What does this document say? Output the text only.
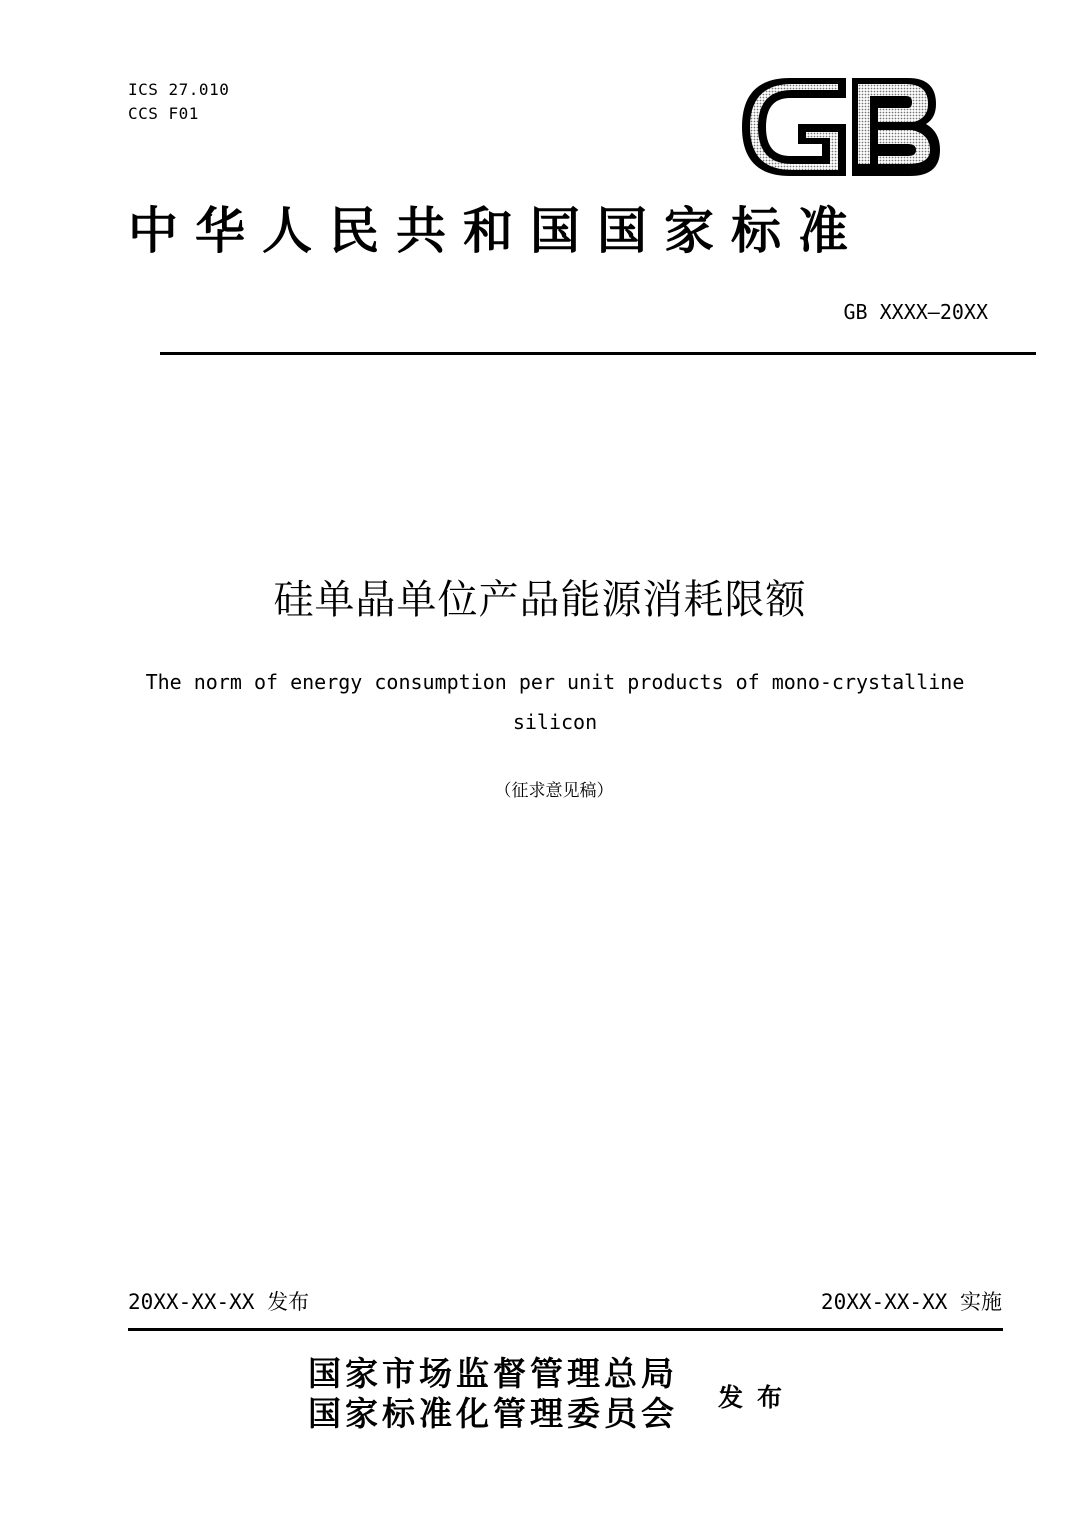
ICS 27.010
CCS F01
中华人民共和国国家标准
GB XXXX—20XX
硅单晶单位产品能源消耗限额
The norm of energy consumption per unit products of mono-crystalline silicon
（征求意见稿）
20XX-XX-XX 发布	20XX-XX-XX 实施
国家市场监督管理总局
国家标准化管理委员会 发布
